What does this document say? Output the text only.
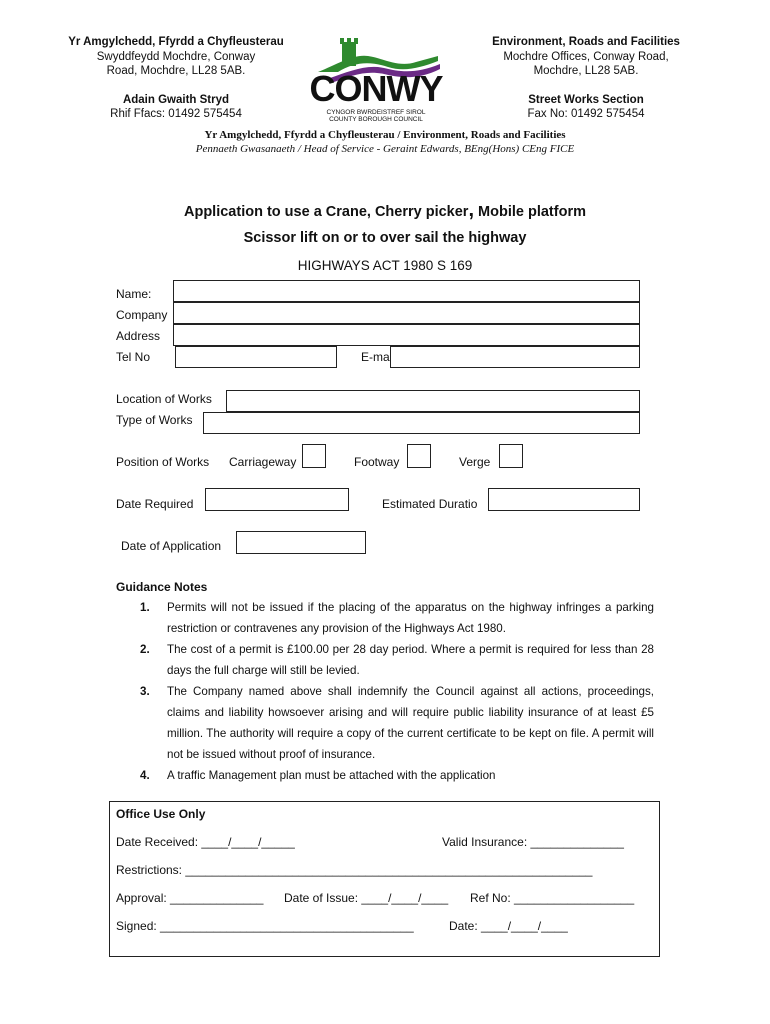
Yr Amgylchedd, Ffyrdd a Chyfleusterau
Swyddfeydd Mochdre, Conway
Road, Mochdre, LL28 5AB.
Adain Gwaith Stryd
Rhif Ffacs: 01492 575454
Environment, Roads and Facilities
Mochdre Offices, Conway Road,
Mochdre, LL28 5AB.
Street Works Section
Fax No: 01492 575454
CONWY
CYNGOR BWRDEISTREF SIROL
COUNTY BOROUGH COUNCIL
Yr Amgylchedd, Ffyrdd a Chyfleusterau / Environment, Roads and Facilities
Pennaeth Gwasanaeth / Head of Service - Geraint Edwards, BEng(Hons) CEng FICE
Application to use a Crane, Cherry picker, Mobile platform
Scissor lift on or to over sail the highway
HIGHWAYS ACT 1980 S 169
Name:
Company
Address
Tel No	E-ma
Location of Works
Type of Works
Position of Works Carriageway	Footway	Verge
Date Required	Estimated Duratio
Date of Application
Guidance Notes
1. Permits will not be issued if the placing of the apparatus on the highway infringes a parking restriction or contravenes any provision of the Highways Act 1980.
2. The cost of a permit is £100.00 per 28 day period. Where a permit is required for less than 28 days the full charge will still be levied.
3. The Company named above shall indemnify the Council against all actions, proceedings, claims and liability howsoever arising and will require public liability insurance of at least £5 million. The authority will require a copy of the current certificate to be kept on file. A permit will not be issued without proof of insurance.
4. A traffic Management plan must be attached with the application
Office Use Only
Date Received: ____/____/_____	Valid Insurance: ______________
Restrictions: _____________________________________________________________
Approval: ______________ Date of Issue: ____/____/____ Ref No: __________________
Signed: ______________________________________	Date: ____/____/____
